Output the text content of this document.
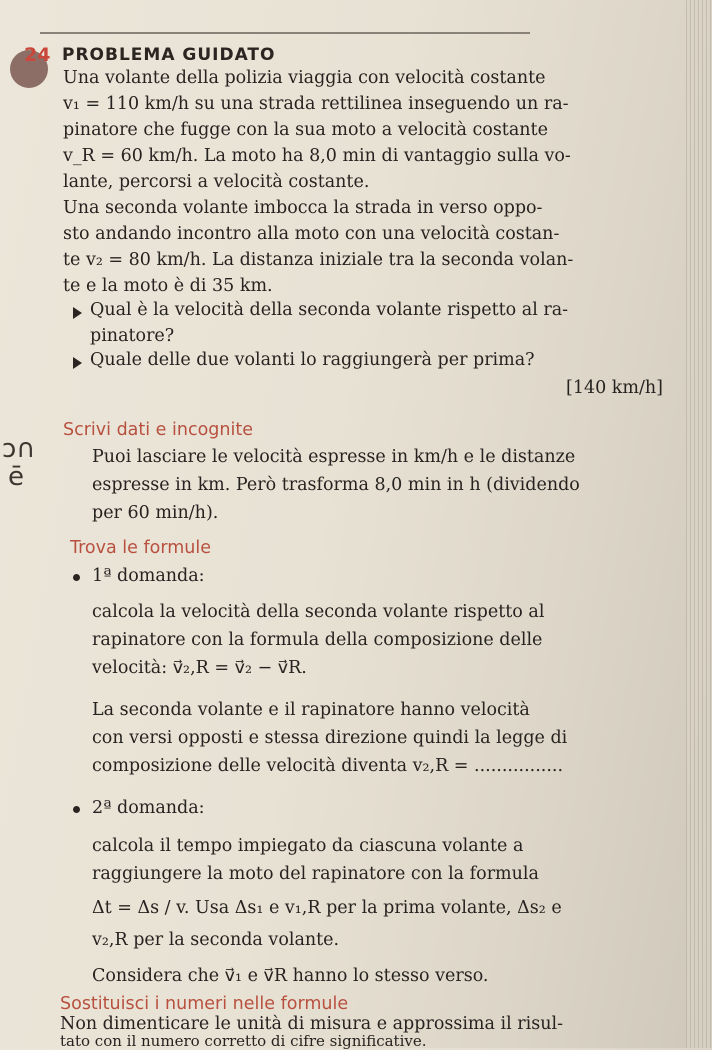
24 PROBLEMA GUIDATO
Una volante della polizia viaggia con velocità costante
v₁ = 110 km/h su una strada rettilinea inseguendo un ra-
pinatore che fugge con la sua moto a velocità costante
v_R = 60 km/h. La moto ha 8,0 min di vantaggio sulla vo-
lante, percorsi a velocità costante.
Una seconda volante imbocca la strada in verso oppo-
sto andando incontro alla moto con una velocità costan-
te v₂ = 80 km/h. La distanza iniziale tra la seconda volan-
te e la moto è di 35 km.
Qual è la velocità della seconda volante rispetto al ra-
pinatore?
Quale delle due volanti lo raggiungerà per prima?
[140 km/h]
Scrivi dati e incognite
ↄ∩
ē
Puoi lasciare le velocità espresse in km/h e le distanze
espresse in km. Però trasforma 8,0 min in h (dividendo
per 60 min/h).
Trova le formule
1ª domanda:
calcola la velocità della seconda volante rispetto al
rapinatore con la formula della composizione delle
velocità: v⃗₂,R = v⃗₂ − v⃗R.
La seconda volante e il rapinatore hanno velocità
con versi opposti e stessa direzione quindi la legge di
composizione delle velocità diventa v₂,R = ................
2ª domanda:
calcola il tempo impiegato da ciascuna volante a
raggiungere la moto del rapinatore con la formula
Δt = Δs / v. Usa Δs₁ e v₁,R per la prima volante, Δs₂ e
v₂,R per la seconda volante.
Considera che v⃗₁ e v⃗R hanno lo stesso verso.
Sostituisci i numeri nelle formule
Non dimenticare le unità di misura e approssima il risul-
tato con il numero corretto di cifre significative.
